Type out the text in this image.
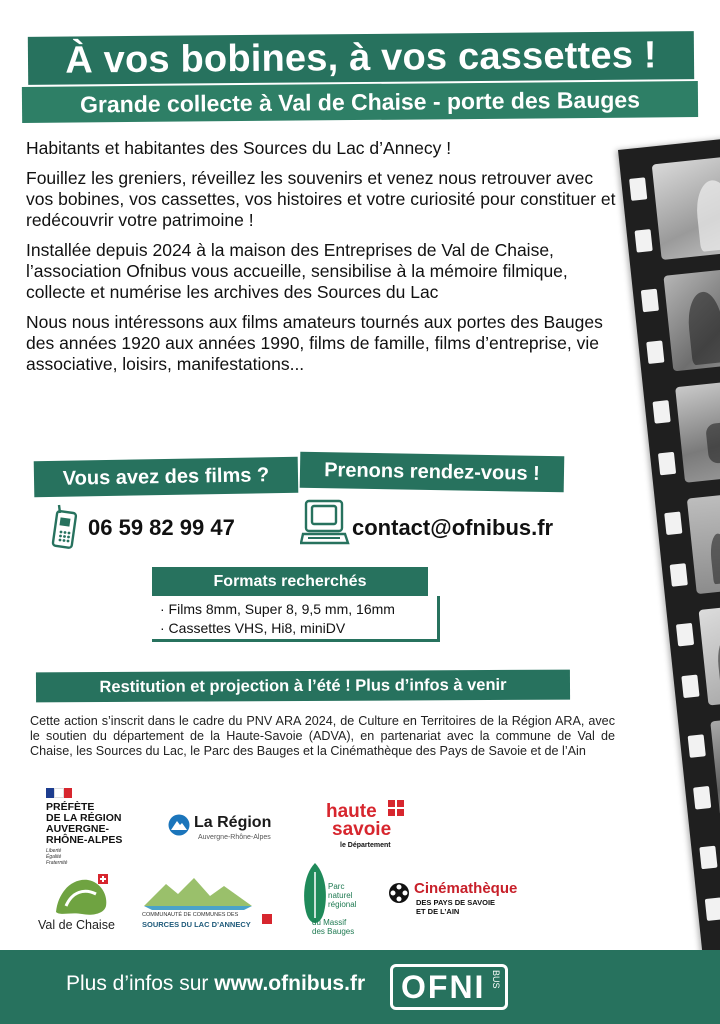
À vos bobines, à vos cassettes !
Grande collecte à Val de Chaise - porte des Bauges

Habitants et habitantes des Sources du Lac d’Annecy !

Fouillez les greniers, réveillez les souvenirs et venez nous retrouver avec vos bobines, vos cassettes, vos histoires et votre curiosité pour constituer et redécouvrir votre patrimoine !

Installée depuis 2024 à la maison des Entreprises de Val de Chaise, l’association Ofnibus vous accueille, sensibilise à la mémoire filmique, collecte et numérise les archives des Sources du Lac

Nous nous intéressons aux films amateurs tournés aux portes des Bauges des années 1920 aux années 1990, films de famille, films d’entreprise, vie associative, loisirs, manifestations...

Vous avez des films ?	Prenons rendez-vous !
06 59 82 99 47	contact@ofnibus.fr
Formats recherchés
· Films 8mm, Super 8, 9,5 mm, 16mm
· Cassettes VHS, Hi8, miniDV
Restitution et projection à l’été ! Plus d’infos à venir
Cette action s’inscrit dans le cadre du PNV ARA 2024, de Culture en Territoires de la Région ARA, avec le soutien du département de la Haute-Savoie (ADVA), en partenariat avec la commune de Val de Chaise, les Sources du Lac, le Parc des Bauges et la Cinémathèque des Pays de Savoie et de l’Ain
PRÉFÈTE
DE LA RÉGION
AUVERGNE-
RHÔNE-ALPES
Liberté
Égalité
Fraternité
La Région
Auvergne-Rhône-Alpes
haute
savoie
le Département
Val de Chaise
COMMUNAUTÉ DE COMMUNES DES
SOURCES DU LAC D’ANNECY
Parc
naturel
régional
du Massif
des Bauges
Cinémathèque
DES PAYS DE SAVOIE
ET DE L’AIN
Plus d’infos sur www.ofnibus.fr OFNI BUS
